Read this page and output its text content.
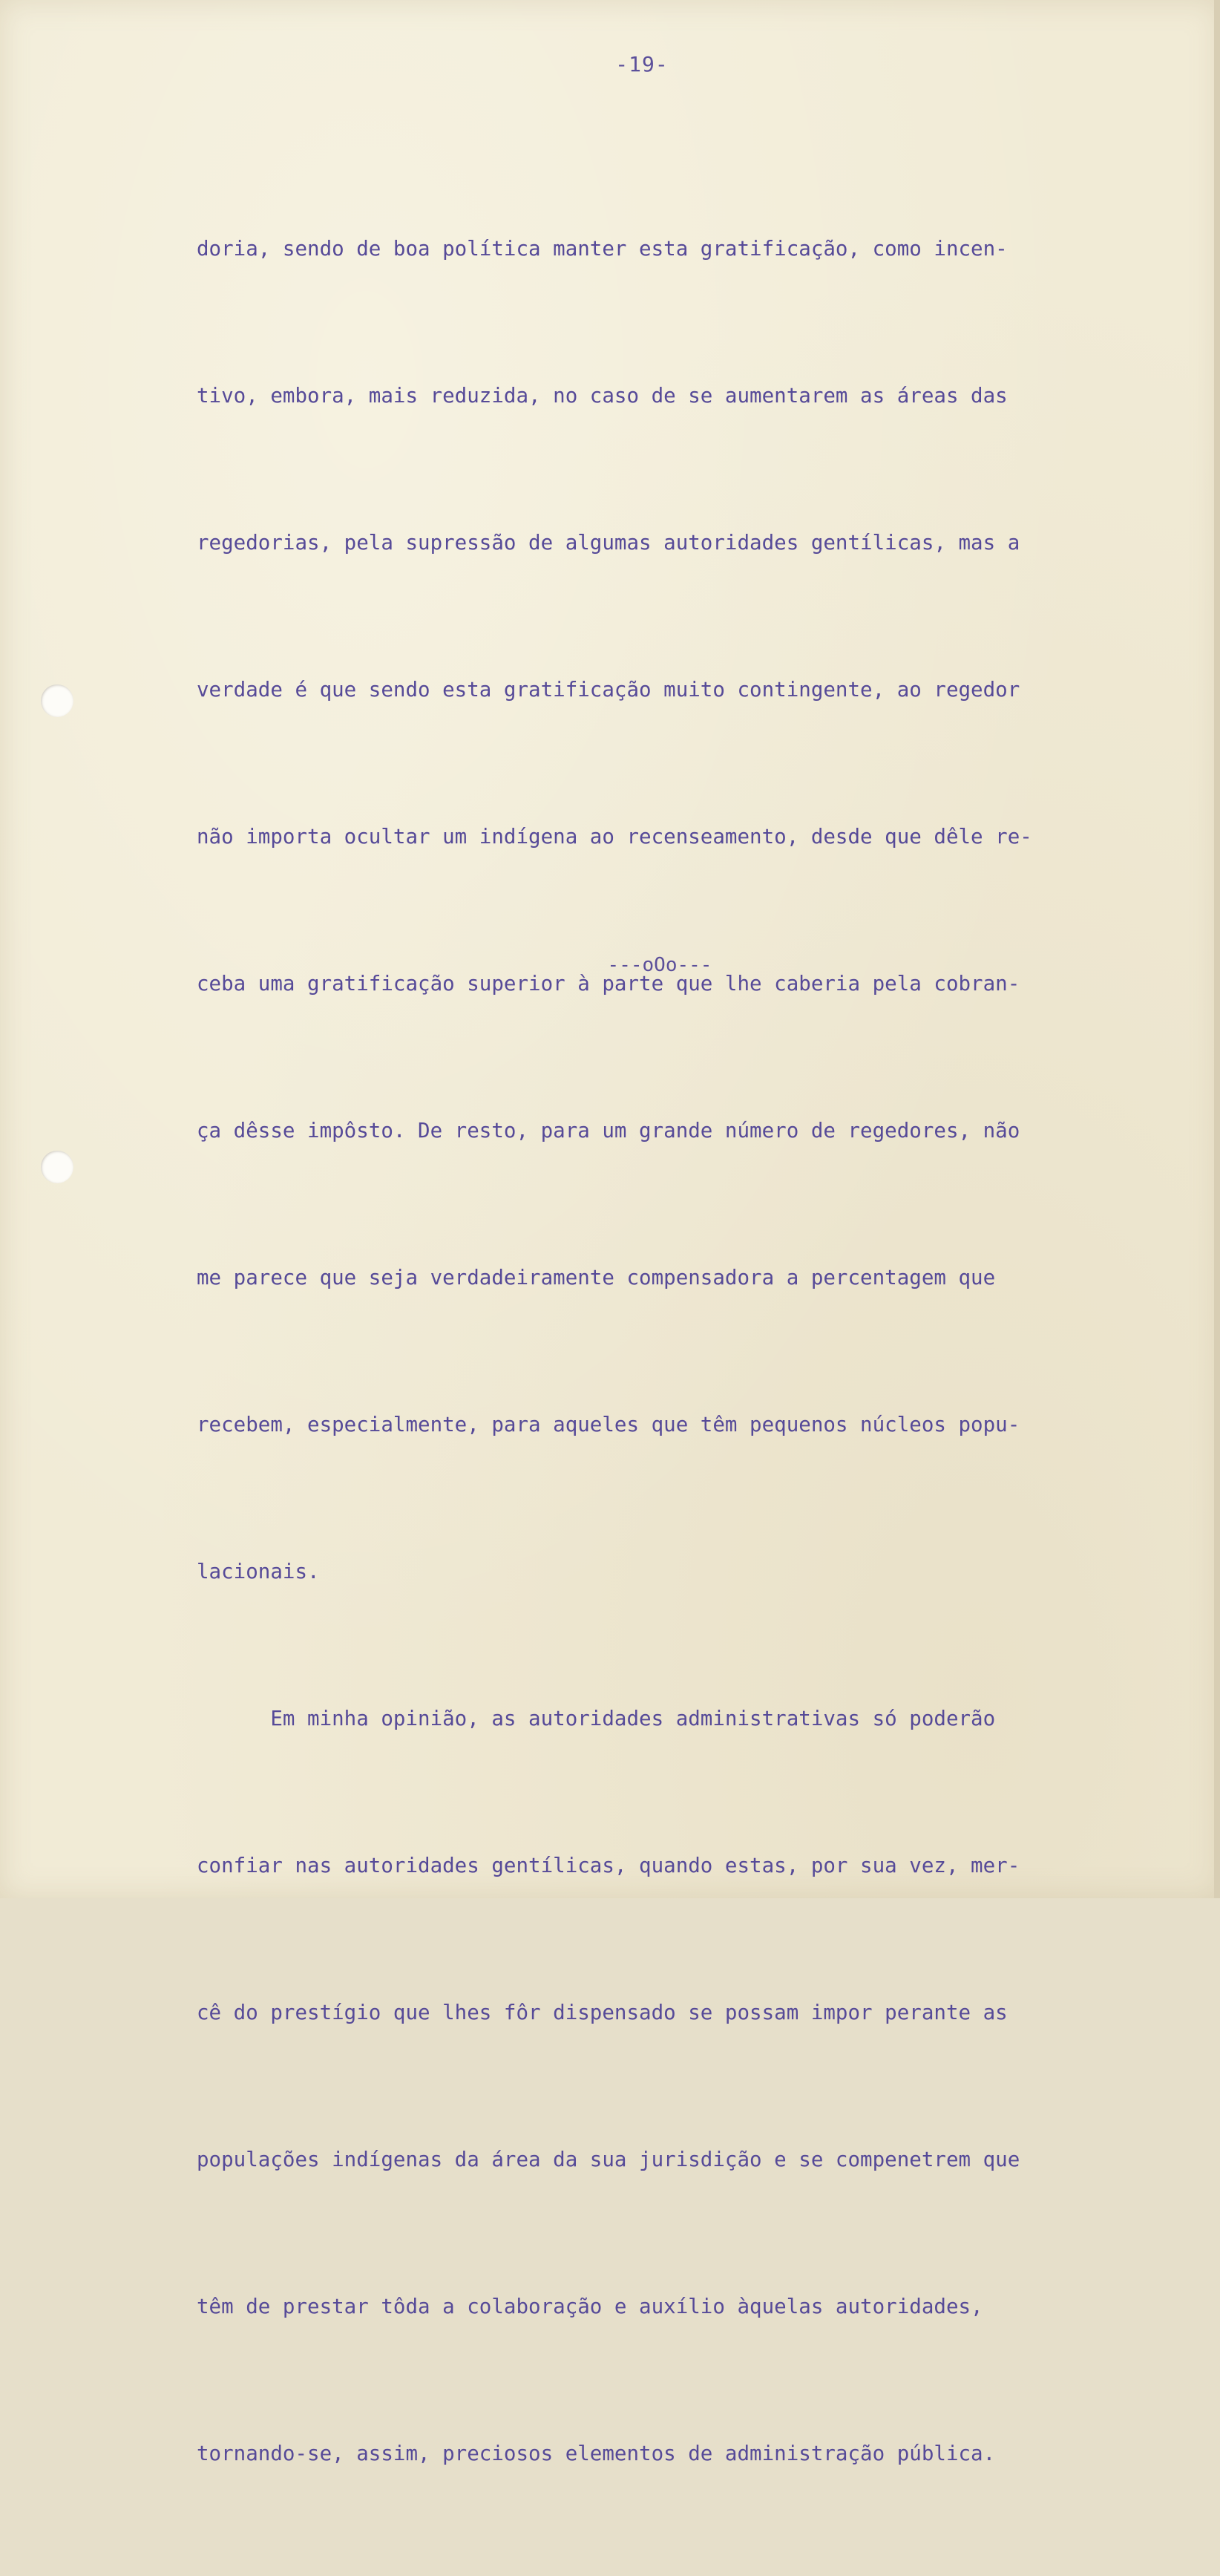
-19-

doria, sendo de boa política manter esta gratificação, como incen-

tivo, embora, mais reduzida, no caso de se aumentarem as áreas das

regedorias, pela supressão de algumas autoridades gentílicas, mas a

verdade é que sendo esta gratificação muito contingente, ao regedor

não importa ocultar um indígena ao recenseamento, desde que dêle re-

ceba uma gratificação superior à parte que lhe caberia pela cobran-

ça dêsse impôsto. De resto, para um grande número de regedores, não

me parece que seja verdadeiramente compensadora a percentagem que

recebem, especialmente, para aqueles que têm pequenos núcleos popu-

lacionais.

Em minha opinião, as autoridades administrativas só poderão

confiar nas autoridades gentílicas, quando estas, por sua vez, mer-

cê do prestígio que lhes fôr dispensado se possam impor perante as

populações indígenas da área da sua jurisdição e se compenetrem que

têm de prestar tôda a colaboração e auxílio àquelas autoridades,

tornando-se, assim, preciosos elementos de administração pública.

---oOo---
